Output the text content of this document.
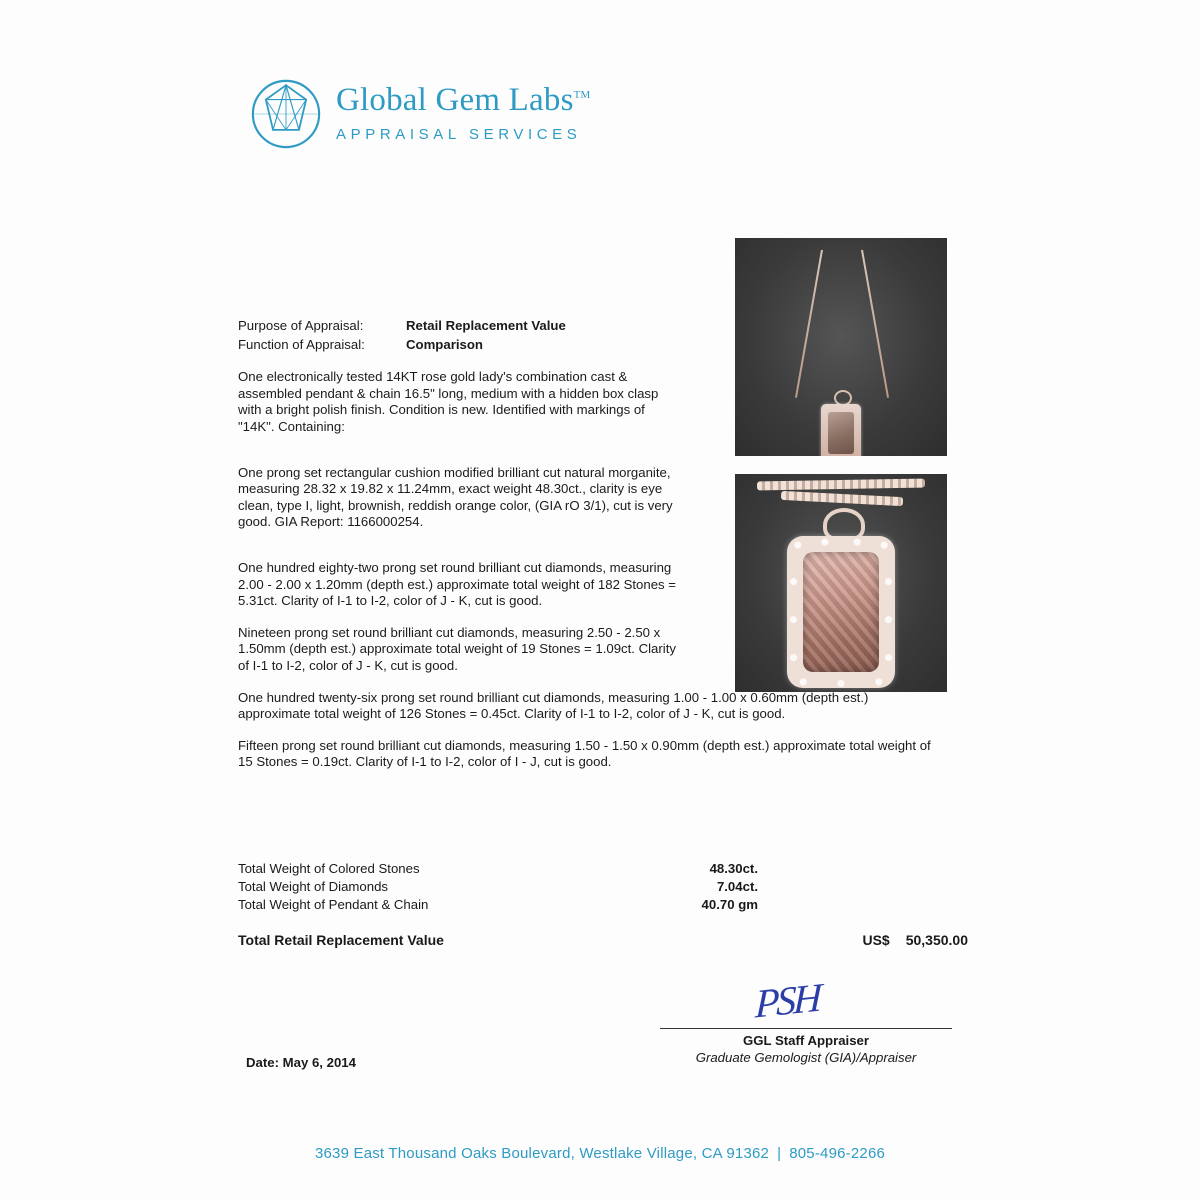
Global Gem Labs™
APPRAISAL SERVICES
Purpose of Appraisal:	Retail Replacement Value
Function of Appraisal:	Comparison
One electronically tested 14KT rose gold lady's combination cast & assembled pendant & chain 16.5" long, medium with a hidden box clasp with a bright polish finish. Condition is new. Identified with markings of "14K". Containing:
One prong set rectangular cushion modified brilliant cut natural morganite, measuring 28.32 x 19.82 x 11.24mm, exact weight 48.30ct., clarity is eye clean, type I, light, brownish, reddish orange color, (GIA rO 3/1), cut is very good. GIA Report: 1166000254.
One hundred eighty-two prong set round brilliant cut diamonds, measuring 2.00 - 2.00 x 1.20mm (depth est.) approximate total weight of 182 Stones = 5.31ct. Clarity of I-1 to I-2, color of J - K, cut is good.
Nineteen prong set round brilliant cut diamonds, measuring 2.50 - 2.50 x 1.50mm (depth est.) approximate total weight of 19 Stones = 1.09ct. Clarity of I-1 to I-2, color of J - K, cut is good.
One hundred twenty-six prong set round brilliant cut diamonds, measuring 1.00 - 1.00 x 0.60mm (depth est.) approximate total weight of 126 Stones = 0.45ct. Clarity of I-1 to I-2, color of J - K, cut is good.
Fifteen prong set round brilliant cut diamonds, measuring 1.50 - 1.50 x 0.90mm (depth est.) approximate total weight of 15 Stones = 0.19ct. Clarity of I-1 to I-2, color of I - J, cut is good.
Total Weight of Colored Stones	48.30ct.
Total Weight of Diamonds	7.04ct.
Total Weight of Pendant & Chain	40.70 gm
Total Retail Replacement Value	US$ 50,350.00
PSH
GGL Staff Appraiser
Graduate Gemologist (GIA)/Appraiser
Date: May 6, 2014
3639 East Thousand Oaks Boulevard, Westlake Village, CA 91362 | 805-496-2266
